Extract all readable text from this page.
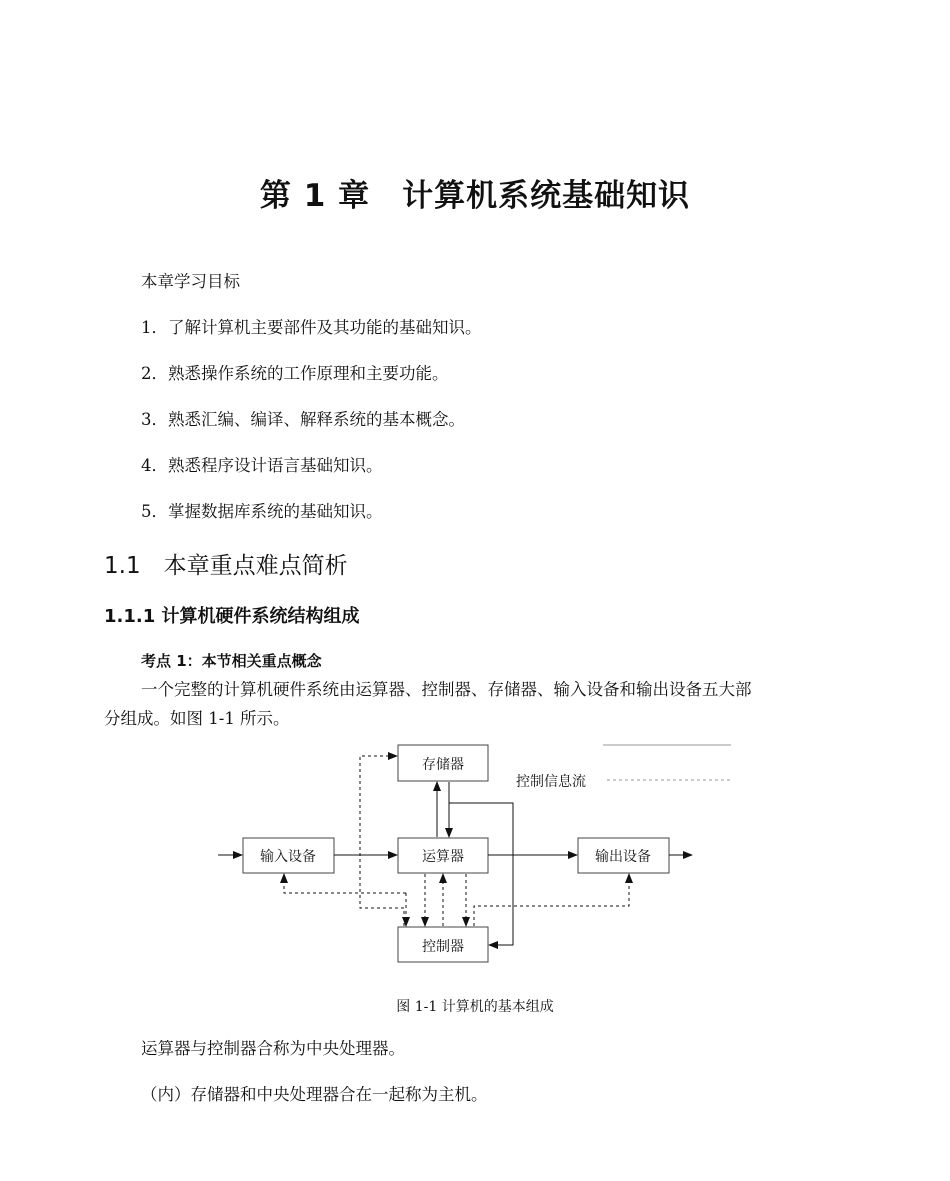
第 1 章　计算机系统基础知识
本章学习目标
1．了解计算机主要部件及其功能的基础知识。
2．熟悉操作系统的工作原理和主要功能。
3．熟悉汇编、编译、解释系统的基本概念。
4．熟悉程序设计语言基础知识。
5．掌握数据库系统的基础知识。
1.1　本章重点难点简析
1.1.1 计算机硬件系统结构组成
考点 1：本节相关重点概念
一个完整的计算机硬件系统由运算器、控制器、存储器、输入设备和输出设备五大部
分组成。如图 1-1 所示。
控制信息流
存储器
输入设备	运算器	输出设备
控制器
图 1-1 计算机的基本组成
运算器与控制器合称为中央处理器。
（内）存储器和中央处理器合在一起称为主机。
